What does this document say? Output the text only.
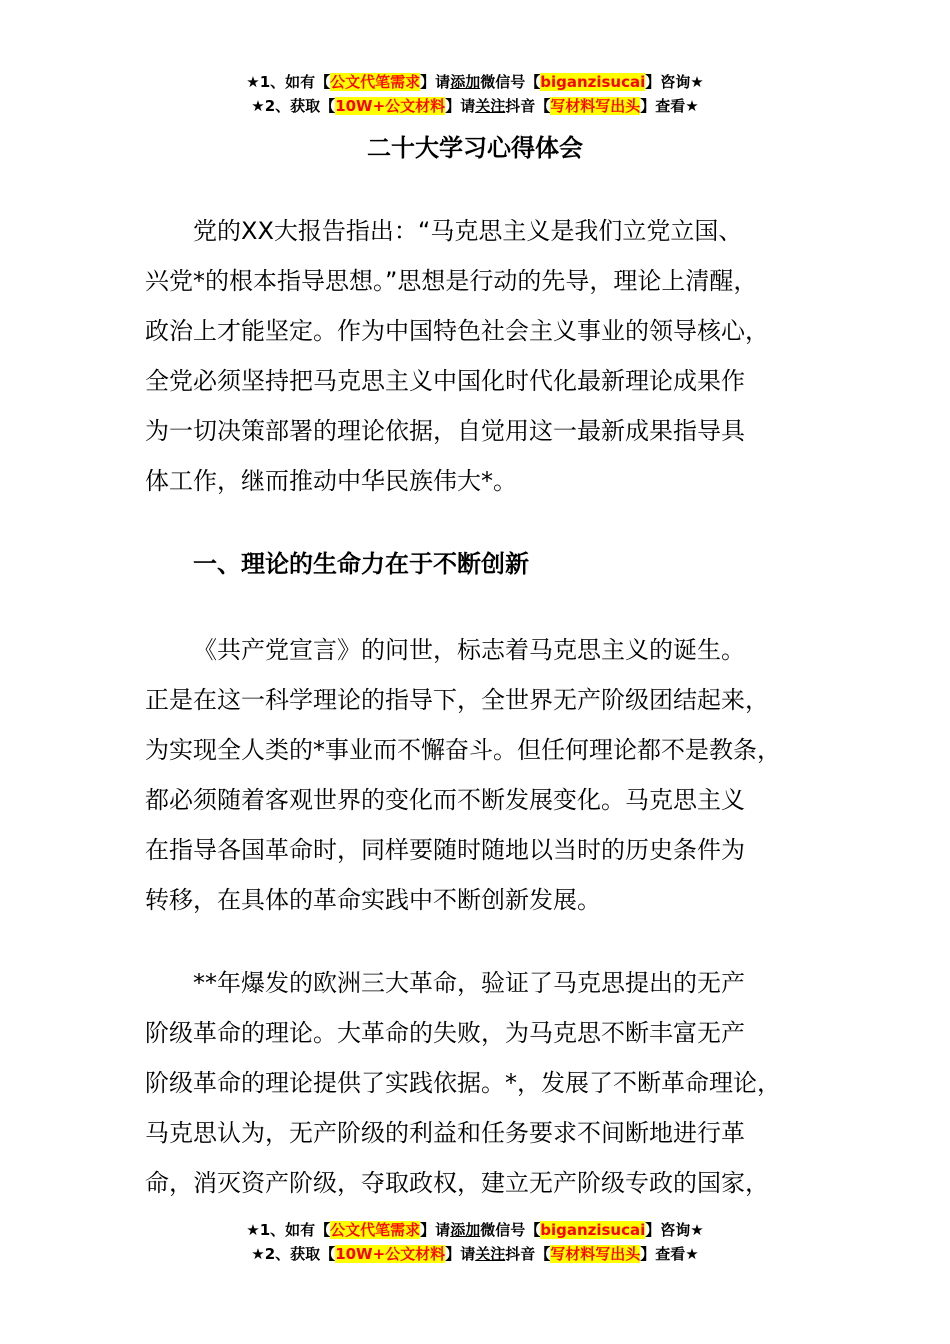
★1、如有【公文代笔需求】请添加微信号【biganzisucai】咨询★
★2、获取【10W+公文材料】请关注抖音【写材料写出头】查看★
二十大学习心得体会
党的XX大报告指出：“马克思主义是我们立党立国、
兴党*的根本指导思想。”思想是行动的先导，理论上清醒，
政治上才能坚定。作为中国特色社会主义事业的领导核心，
全党必须坚持把马克思主义中国化时代化最新理论成果作
为一切决策部署的理论依据，自觉用这一最新成果指导具
体工作，继而推动中华民族伟大*。
一、理论的生命力在于不断创新
《共产党宣言》的问世，标志着马克思主义的诞生。
正是在这一科学理论的指导下，全世界无产阶级团结起来，
为实现全人类的*事业而不懈奋斗。但任何理论都不是教条，
都必须随着客观世界的变化而不断发展变化。马克思主义
在指导各国革命时，同样要随时随地以当时的历史条件为
转移，在具体的革命实践中不断创新发展。
**年爆发的欧洲三大革命，验证了马克思提出的无产
阶级革命的理论。大革命的失败，为马克思不断丰富无产
阶级革命的理论提供了实践依据。*，发展了不断革命理论，
马克思认为，无产阶级的利益和任务要求不间断地进行革
命，消灭资产阶级，夺取政权，建立无产阶级专政的国家，
★1、如有【公文代笔需求】请添加微信号【biganzisucai】咨询★
★2、获取【10W+公文材料】请关注抖音【写材料写出头】查看★
